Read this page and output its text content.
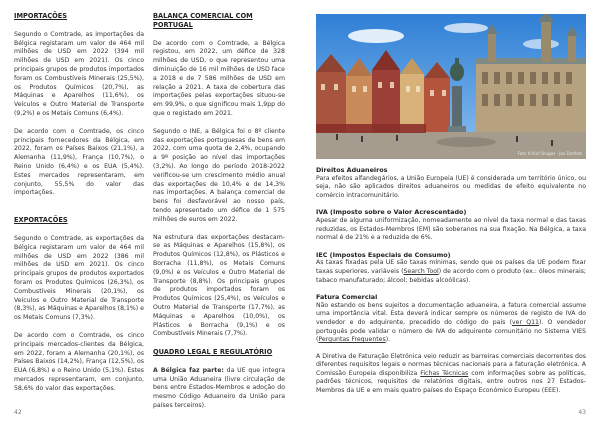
IMPORTAÇÕES

Segundo o Comtrade, as importações da Bélgica registaram um valor de 464 mil milhões de USD em 2022 (394 mil milhões de USD em 2021). Os cinco principais grupos de produtos importados foram os Combustíveis Minerais (25,5%), os Produtos Químicos (20,7%), as Máquinas e Aparelhos (11,6%), os Veículos e Outro Material de Transporte (9,2%) e os Metais Comuns (6,4%).

De acordo com o Comtrade, os cinco principais fornecedores da Bélgica, em 2022, foram os Países Baixos (21,1%), a Alemanha (11,9%), França (10,7%), o Reino Unido (6,4%) e os EUA (5,4%). Estes mercados representaram, em conjunto, 55,5% do valor das importações.

EXPORTAÇÕES

Segundo o Comtrade, as exportações da Bélgica registaram um valor de 464 mil milhões de USD em 2022 (386 mil milhões de USD em 2021). Os cinco principais grupos de produtos exportados foram os Produtos Químicos (26,3%), os Combustíveis Minerais (20,1%), os Veículos e Outro Material de Transporte (8,3%), as Máquinas e Aparelhos (8,1%) e os Metais Comuns (7,3%).

De acordo com o Comtrade, os cinco principais mercados-clientes da Bélgica, em 2022, foram a Alemanha (20,1%), os Países Baixos (14,2%), França (12,5%), os EUA (6,8%) e o Reino Unido (5,1%). Estes mercados representaram, em conjunto, 58,6% do valor das exportações.

BALANÇA COMERCIAL COM PORTUGAL

De acordo com o Comtrade, a Bélgica registou, em 2022, um défice de 328 milhões de USD, o que representou uma diminuição de 16 mil milhões de USD face a 2018 e de 7 586 milhões de USD em relação a 2021. A taxa de cobertura das importações pelas exportações situou-se em 99,9%, o que significou mais 1,9pp do que o registado em 2021.

Segundo o INE, a Bélgica foi o 8º cliente das exportações portuguesas de bens em 2022, com uma quota de 2,4%, ocupando a 9ª posição ao nível das importações (3,2%). Ao longo do período 2018-2022 verificou-se um crescimento médio anual das exportações de 10,4% e de 14,3% nas importações. A balança comercial de bens foi desfavorável ao nosso país, tendo apresentado um défice de 1 575 milhões de euros em 2022.

Na estrutura das exportações destacam-se as Máquinas e Aparelhos (15,8%), os Produtos Químicos (12,8%), os Plásticos e Borracha (11,8%), os Metais Comuns (9,0%) e os Veículos e Outro Material de Transporte (8,8%). Os principais grupos de produtos importados foram os Produtos Químicos (25,4%), os Veículos e Outro Material de Transporte (17,7%), as Máquinas e Aparelhos (10,0%), os Plásticos e Borracha (9,1%) e os Combustíveis Minerais (7,7%).

QUADRO LEGAL E REGULATÓRIO

A Bélgica faz parte: da UE que integra uma União Aduaneira (livre circulação de bens entre Estados-Membros e adoção do mesmo Código Aduaneiro da União para países terceiros).

42
Foto ©Visit Bruges - Jan Darthet
Direitos Aduaneiros

Para efeitos alfandegários, a União Europeia (UE) é considerada um território único, ou seja, não são aplicados direitos aduaneiros ou medidas de efeito equivalente no comércio intracomunitário.

IVA (Imposto sobre o Valor Acrescentado)

Apesar de alguma uniformização, nomeadamente ao nível da taxa normal e das taxas reduzidas, os Estados-Membros (EM) são soberanos na sua fixação. Na Bélgica, a taxa normal é de 21% e a reduzida de 6%.

IEC (Impostos Especiais de Consumo)

As taxas fixadas pela UE são taxas mínimas, sendo que os países da UE podem fixar taxas superiores, variáveis (Search Tool) de acordo com o produto (ex.: óleos minerais; tabaco manufaturado; álcool; bebidas alcoólicas).

Fatura Comercial

Não estando os bens sujeitos a documentação aduaneira, a fatura comercial assume uma importância vital. Esta deverá indicar sempre os números de registo de IVA do vendedor e do adquirente, precedido do código do país (ver Q11). O vendedor português pode validar o número de IVA do adquirente comunitário no Sistema VIES (Perguntas Frequentes).

A Diretiva de Faturação Eletrónica veio reduzir as barreiras comerciais decorrentes dos diferentes requisitos legais e normas técnicas nacionais para a faturação eletrónica. A Comissão Europeia disponibiliza Fichas Técnicas com informações sobre as políticas, padrões técnicos, requisitos de relatórios digitais, entre outros nos 27 Estados-Membros da UE e em mais quatro países do Espaço Económico Europeu (EEE).

43
